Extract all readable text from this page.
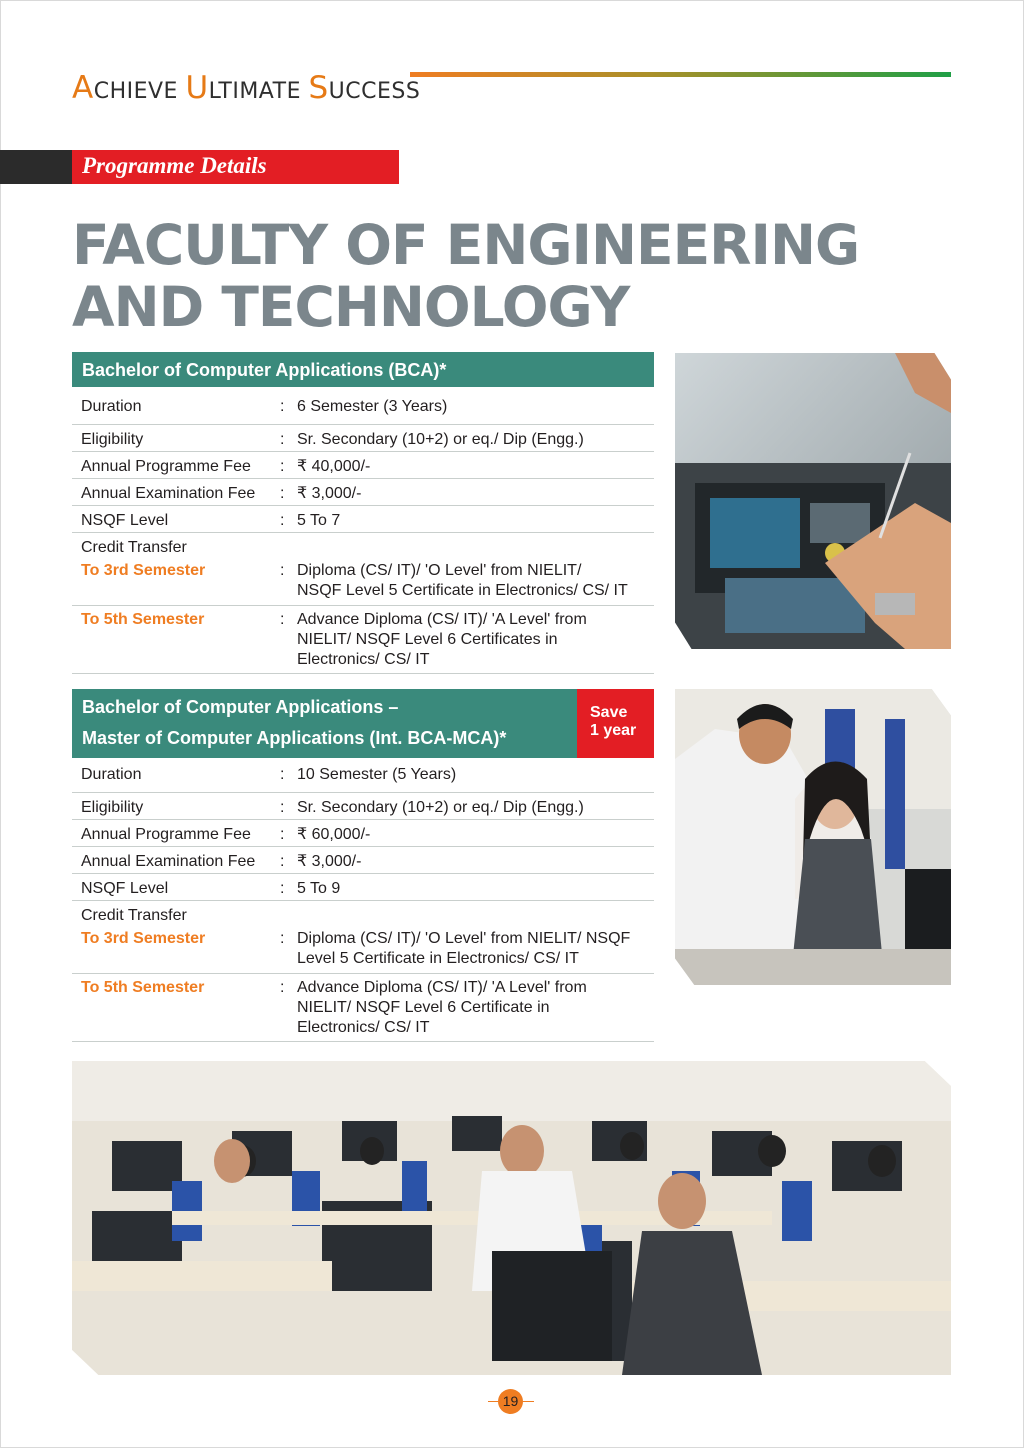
ACHIEVE ULTIMATE SUCCESS
Programme Details
FACULTY OF ENGINEERING
AND TECHNOLOGY
Bachelor of Computer Applications (BCA)*
Duration	:	6 Semester (3 Years)
Eligibility	:	Sr. Secondary (10+2) or eq./ Dip (Engg.)
Annual Programme Fee	:	₹ 40,000/-
Annual Examination Fee	:	₹ 3,000/-
NSQF Level	:	5 To 7
Credit Transfer		
To 3rd Semester	:	Diploma (CS/ IT)/ 'O Level' from NIELIT/
NSQF Level 5 Certificate in Electronics/ CS/ IT

To 5th Semester	:	Advance Diploma (CS/ IT)/ 'A Level' from
NIELIT/ NSQF Level 6 Certificates in
Electronics/ CS/ IT
Bachelor of Computer Applications –
Master of Computer Applications (Int. BCA-MCA)*
Save
1 year
Duration	:	10 Semester (5 Years)
Eligibility	:	Sr. Secondary (10+2) or eq./ Dip (Engg.)
Annual Programme Fee	:	₹ 60,000/-
Annual Examination Fee	:	₹ 3,000/-
NSQF Level	:	5 To 9
Credit Transfer		
To 3rd Semester	:	Diploma (CS/ IT)/ 'O Level' from NIELIT/ NSQF
Level 5 Certificate in Electronics/ CS/ IT

To 5th Semester	:	Advance Diploma (CS/ IT)/ 'A Level' from
NIELIT/ NSQF Level 6 Certificate in
Electronics/ CS/ IT
19
